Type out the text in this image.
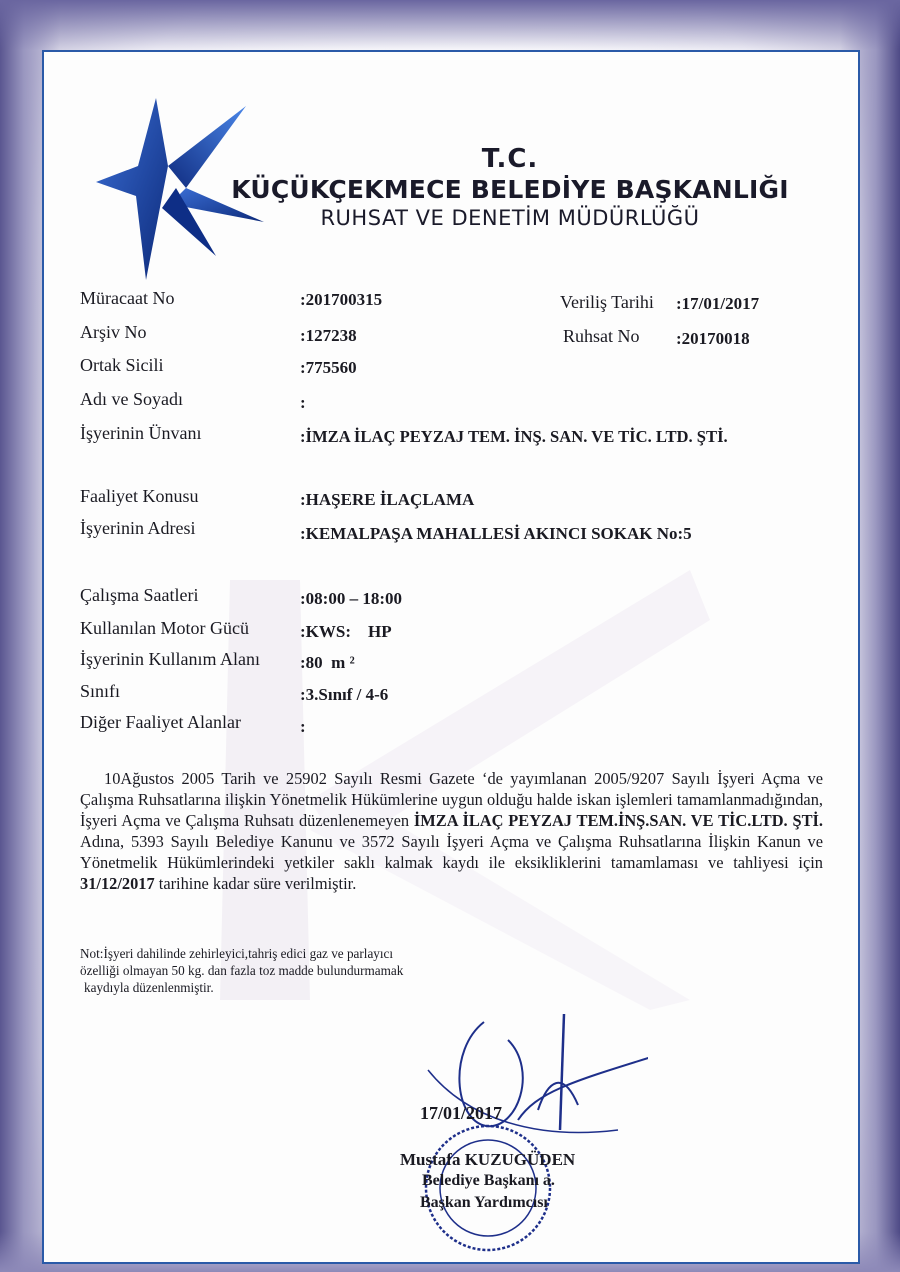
T.C.
KÜÇÜKÇEKMECE BELEDİYE BAŞKANLIĞI
RUHSAT VE DENETİM MÜDÜRLÜĞÜ
Müracaat No	:201700315
Arşiv No	:127238
Ortak Sicili	:775560
Adı ve Soyadı	:
İşyerinin Ünvanı	:İMZA İLAÇ PEYZAJ TEM. İNŞ. SAN. VE TİC. LTD. ŞTİ.
Faaliyet Konusu	:HAŞERE İLAÇLAMA
İşyerinin Adresi	:KEMALPAŞA MAHALLESİ AKINCI SOKAK No:5
Çalışma Saatleri	:08:00 – 18:00
Kullanılan Motor Gücü	:KWS:    HP
İşyerinin Kullanım Alanı :80  m ²
Sınıfı	:3.Sınıf / 4-6
Diğer Faaliyet Alanlar	:
Veriliş Tarihi :17/01/2017
Ruhsat No :20170018

10Ağustos 2005 Tarih ve 25902 Sayılı Resmi Gazete ‘de yayımlanan 2005/9207 Sayılı İşyeri Açma ve Çalışma Ruhsatlarına ilişkin Yönetmelik Hükümlerine uygun olduğu halde iskan işlemleri tamamlanmadığından, İşyeri Açma ve Çalışma Ruhsatı düzenlenemeyen İMZA İLAÇ PEYZAJ TEM.İNŞ.SAN. VE TİC.LTD. ŞTİ. Adına, 5393 Sayılı Belediye Kanunu ve 3572 Sayılı İşyeri Açma ve Çalışma Ruhsatlarına İlişkin Kanun ve Yönetmelik Hükümlerindeki yetkiler saklı kalmak kaydı ile eksikliklerini tamamlaması ve tahliyesi için 31/12/2017 tarihine kadar süre verilmiştir.

Not:İşyeri dahilinde zehirleyici,tahriş edici gaz ve parlayıcı
özelliği olmayan 50 kg. dan fazla toz madde bulundurmamak
kaydıyla düzenlenmiştir.
17/01/2017
Mustafa KUZUGÜDEN
Belediye Başkanı a.
Başkan Yardımcısı
